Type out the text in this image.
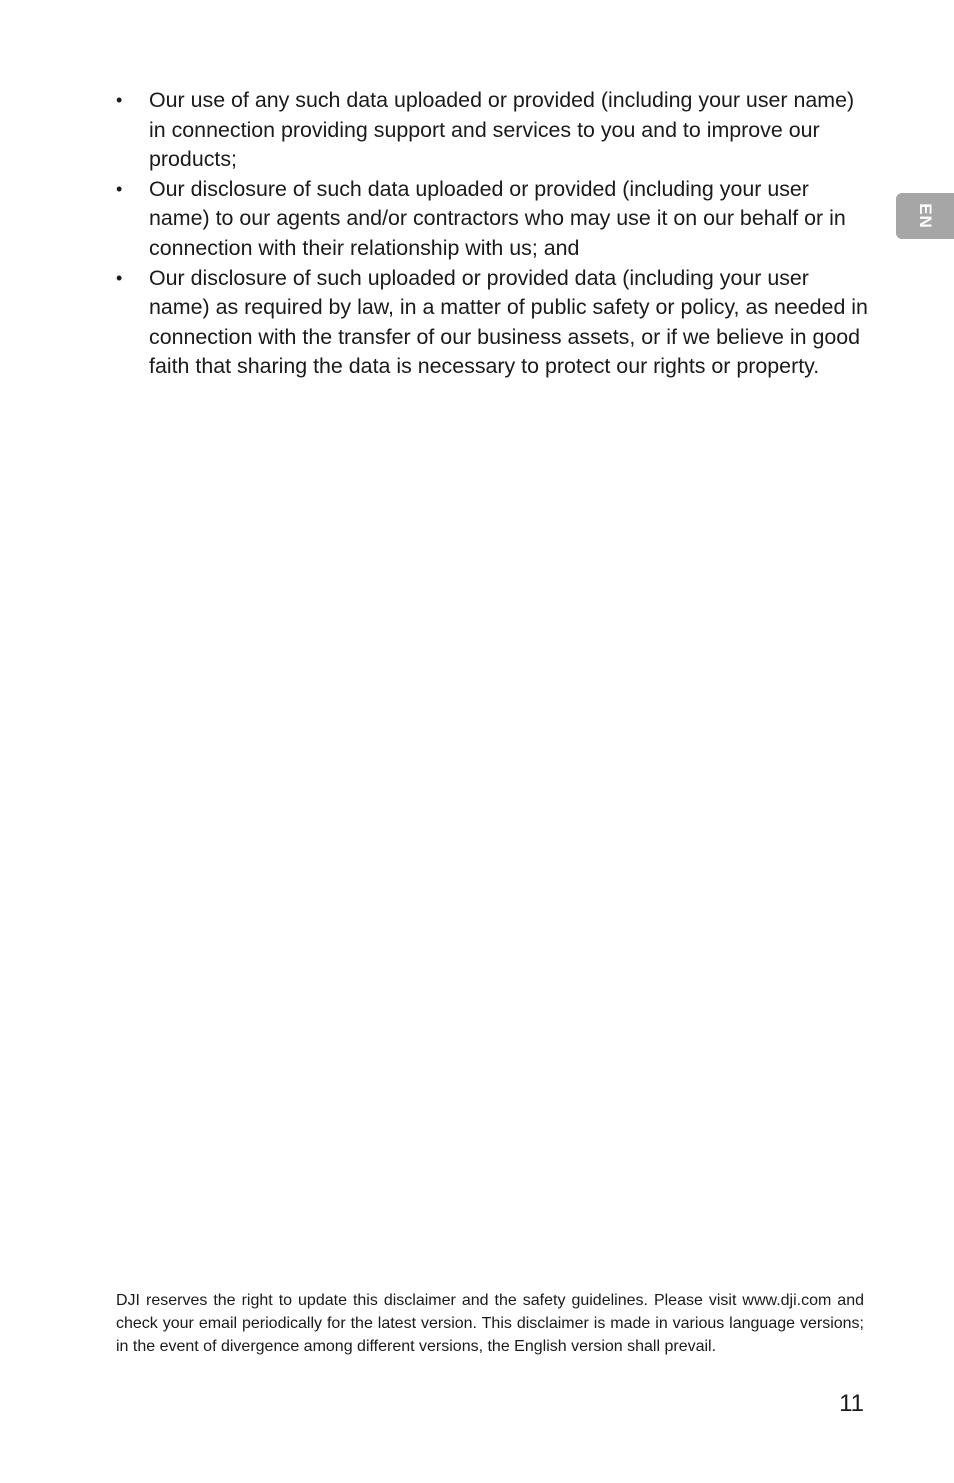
• Our use of any such data uploaded or provided (including your user name) in connection providing support and services to you and to improve our products;
• Our disclosure of such data uploaded or provided (including your user name) to our agents and/or contractors who may use it on our behalf or in connection with their relationship with us; and
• Our disclosure of such uploaded or provided data (including your user name) as required by law, in a matter of public safety or policy, as needed in connection with the transfer of our business assets, or if we believe in good faith that sharing the data is necessary to protect our rights or property.
EN

DJI reserves the right to update this disclaimer and the safety guidelines. Please visit www.dji.com and check your email periodically for the latest version. This disclaimer is made in various language versions; in the event of divergence among different versions, the English version shall prevail.

11
